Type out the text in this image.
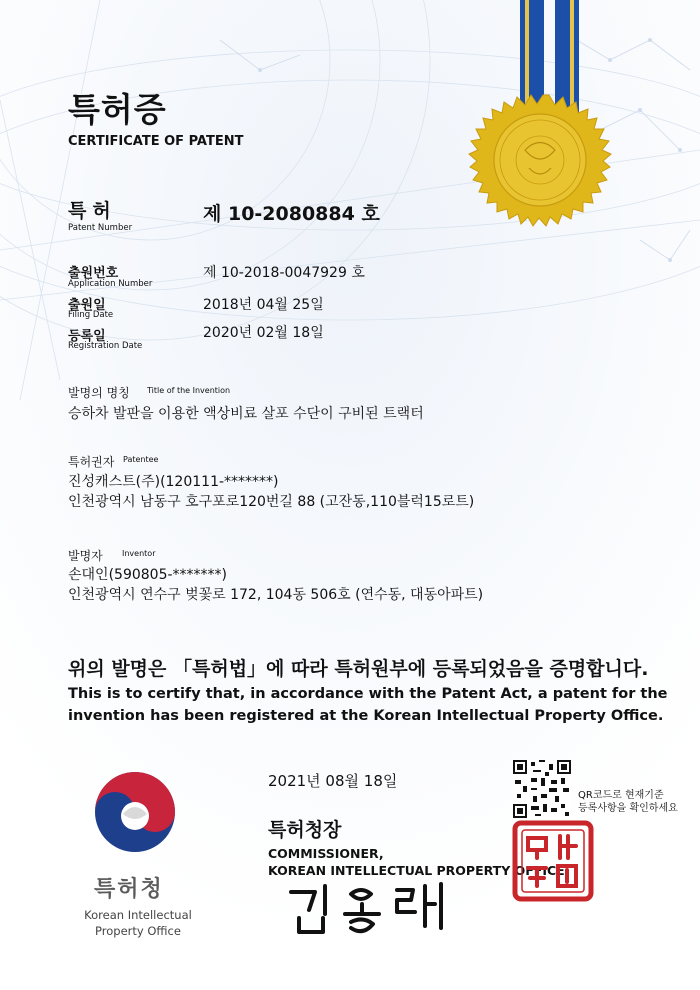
특허증
CERTIFICATE OF PATENT
특허
Patent Number
제 10-2080884 호
출원번호
Application Number
제 10-2018-0047929 호
출원일
Filing Date
2018년 04월 25일
등록일
Registration Date
2020년 02월 18일
발명의 명칭 Title of the Invention
승하차 발판을 이용한 액상비료 살포 수단이 구비된 트랙터
특허권자 Patentee
진성캐스트(주)(120111-*******)
인천광역시 남동구 호구포로120번길 88 (고잔동,110블럭15로트)
발명자 Inventor
손대인(590805-*******)
인천광역시 연수구 벚꽃로 172, 104동 506호 (연수동, 대동아파트)
위의 발명은 「특허법」에 따라 특허원부에 등록되었음을 증명합니다.
This is to certify that, in accordance with the Patent Act, a patent for the invention has been registered at the Korean Intellectual Property Office.
특허청
Korean Intellectual
Property Office
2021년 08월 18일
특허청장
COMMISSIONER,
KOREAN INTELLECTUAL PROPERTY OFFICE
QR코드로 현재기준
등록사항을 확인하세요
